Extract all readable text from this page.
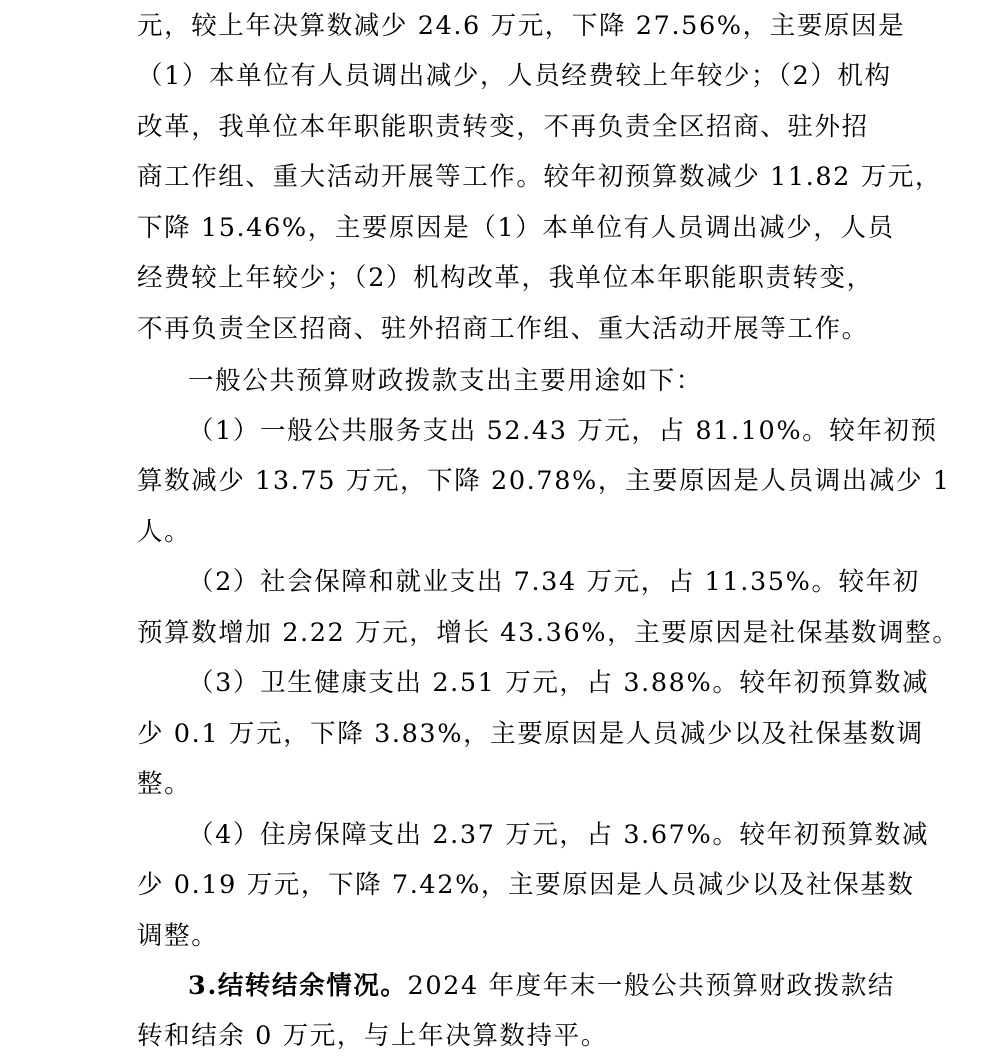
元，较上年决算数减少 24.6 万元，下降 27.56%，主要原因是
（1）本单位有人员调出减少，人员经费较上年较少；（2）机构
改革，我单位本年职能职责转变，不再负责全区招商、驻外招
商工作组、重大活动开展等工作。较年初预算数减少 11.82 万元，
下降 15.46%，主要原因是（1）本单位有人员调出减少，人员
经费较上年较少；（2）机构改革，我单位本年职能职责转变，
不再负责全区招商、驻外招商工作组、重大活动开展等工作。
一般公共预算财政拨款支出主要用途如下：
（1）一般公共服务支出 52.43 万元，占 81.10%。较年初预
算数减少 13.75 万元，下降 20.78%，主要原因是人员调出减少 1
人。
（2）社会保障和就业支出 7.34 万元，占 11.35%。较年初
预算数增加 2.22 万元，增长 43.36%，主要原因是社保基数调整。
（3）卫生健康支出 2.51 万元，占 3.88%。较年初预算数减
少 0.1 万元，下降 3.83%，主要原因是人员减少以及社保基数调
整。
（4）住房保障支出 2.37 万元，占 3.67%。较年初预算数减
少 0.19 万元，下降 7.42%，主要原因是人员减少以及社保基数
调整。
3.结转结余情况。2024 年度年末一般公共预算财政拨款结
转和结余 0 万元，与上年决算数持平。
